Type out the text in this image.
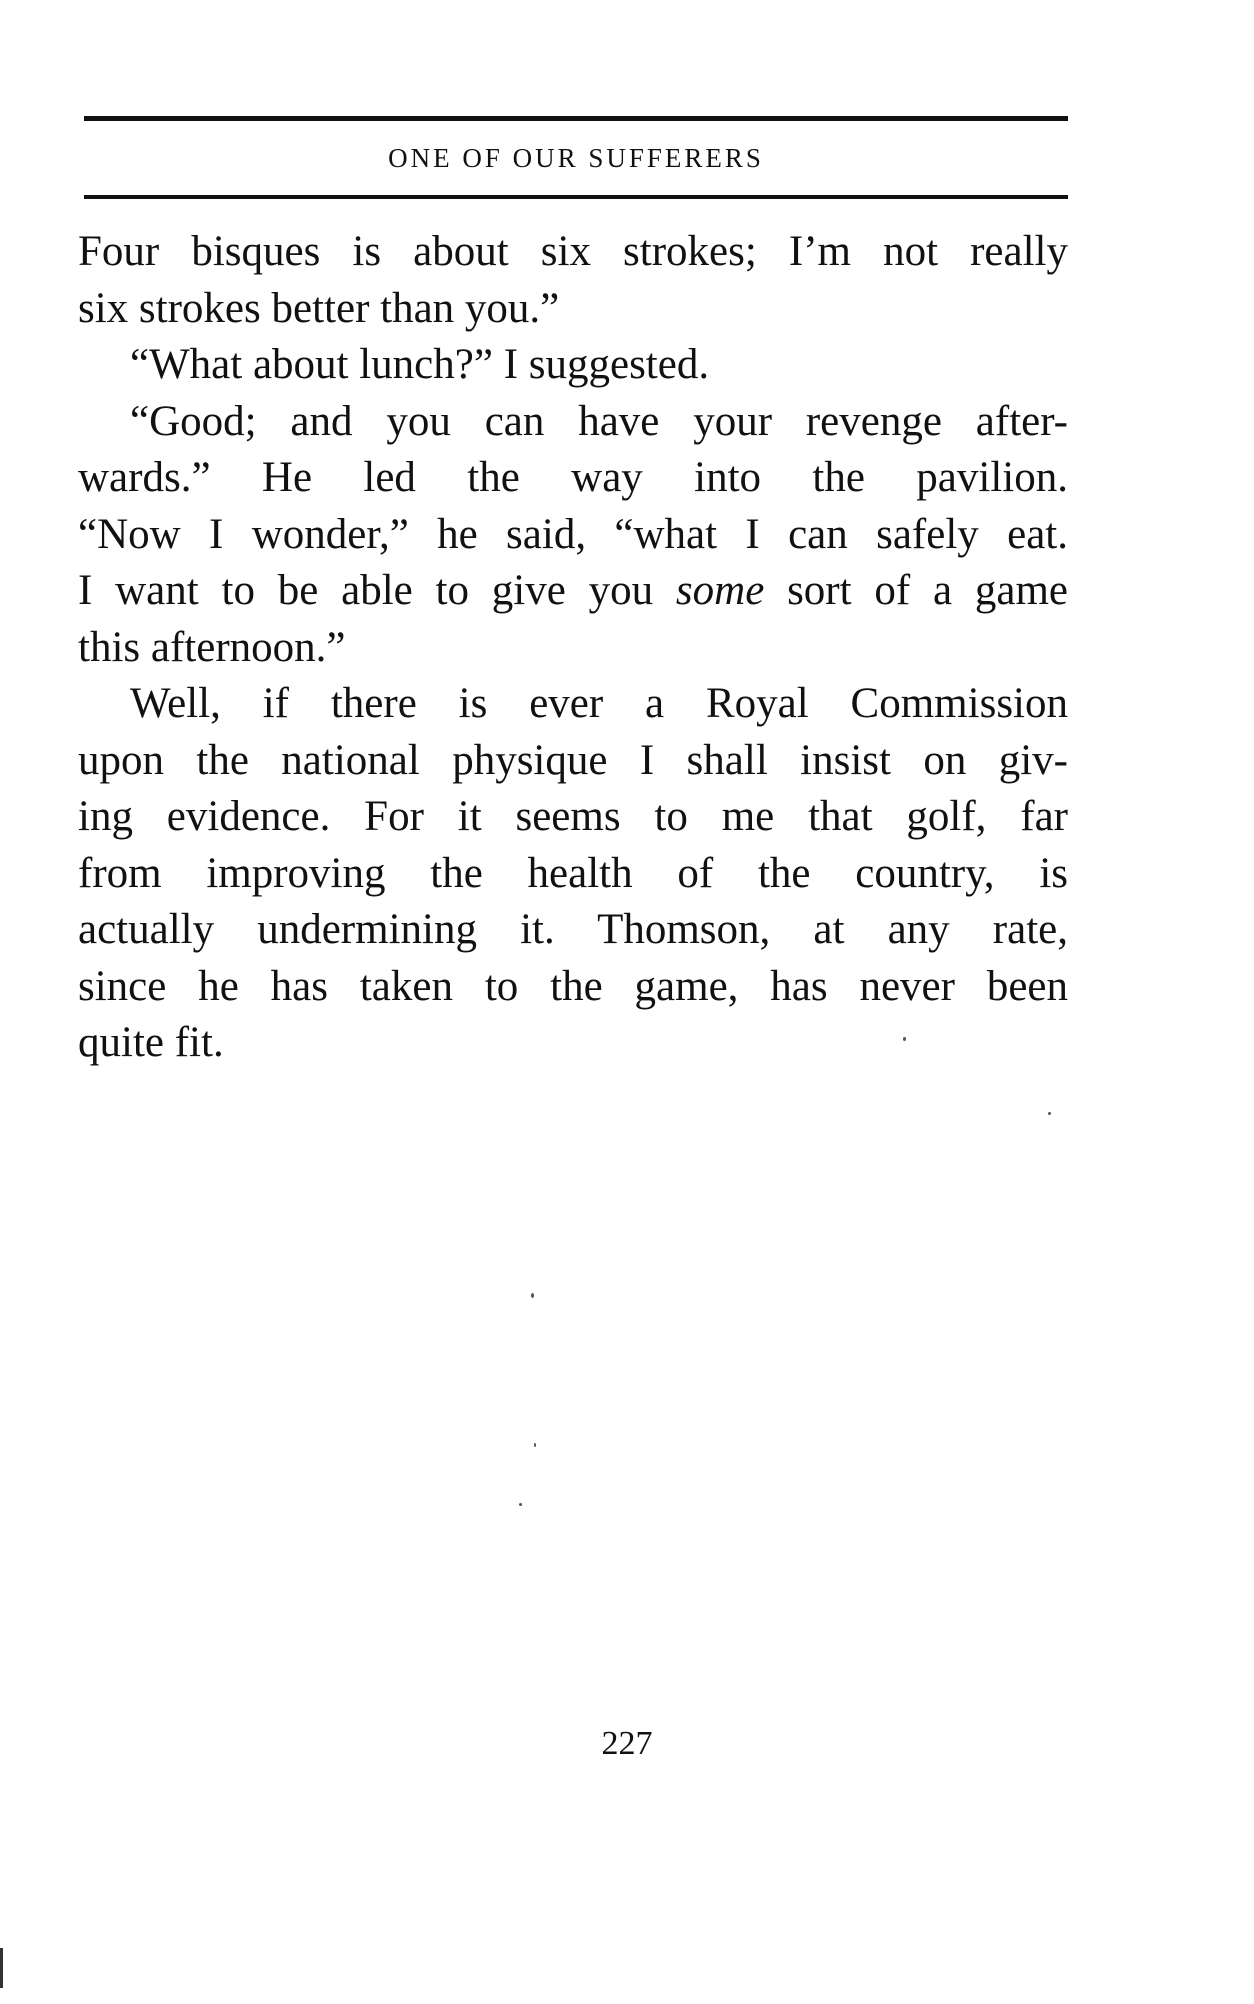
ONE OF OUR SUFFERERS
Four bisques is about six strokes; I’m not really
six strokes better than you.”
“What about lunch?” I suggested.
“Good; and you can have your revenge after-
wards.” He led the way into the pavilion.
“Now I wonder,” he said, “what I can safely eat.
I want to be able to give you some sort of a game
this afternoon.”
Well, if there is ever a Royal Commission
upon the national physique I shall insist on giv-
ing evidence. For it seems to me that golf, far
from improving the health of the country, is
actually undermining it. Thomson, at any rate,
since he has taken to the game, has never been
quite fit.
227
